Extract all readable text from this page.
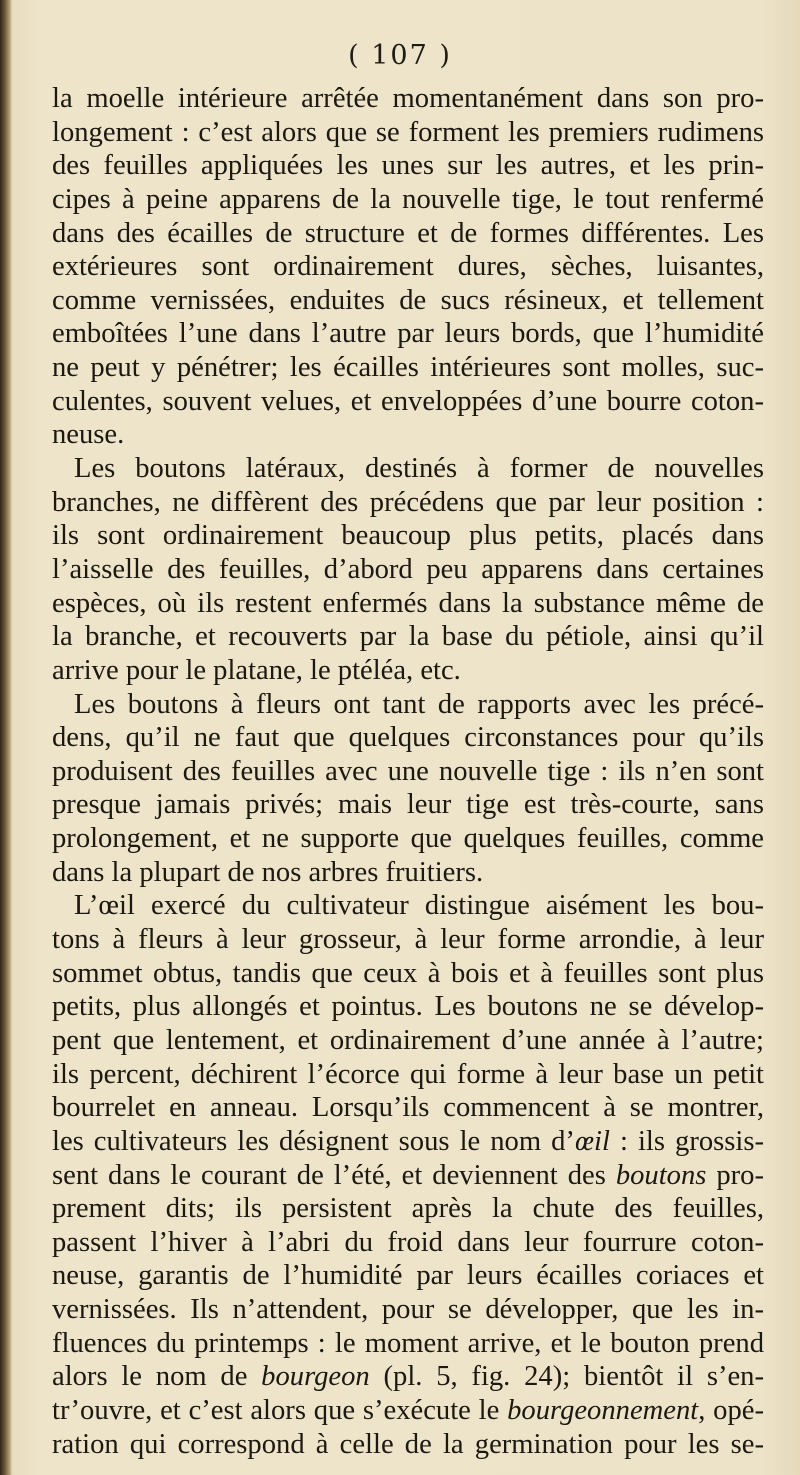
( 107 )
la moelle intérieure arrêtée momentanément dans son pro-
longement : c’est alors que se forment les premiers rudimens
des feuilles appliquées les unes sur les autres, et les prin-
cipes à peine apparens de la nouvelle tige, le tout renfermé
dans des écailles de structure et de formes différentes. Les
extérieures sont ordinairement dures, sèches, luisantes,
comme vernissées, enduites de sucs résineux, et tellement
emboîtées l’une dans l’autre par leurs bords, que l’humidité
ne peut y pénétrer; les écailles intérieures sont molles, suc-
culentes, souvent velues, et enveloppées d’une bourre coton-
neuse.
Les boutons latéraux, destinés à former de nouvelles
branches, ne diffèrent des précédens que par leur position :
ils sont ordinairement beaucoup plus petits, placés dans
l’aisselle des feuilles, d’abord peu apparens dans certaines
espèces, où ils restent enfermés dans la substance même de
la branche, et recouverts par la base du pétiole, ainsi qu’il
arrive pour le platane, le ptéléa, etc.
Les boutons à fleurs ont tant de rapports avec les précé-
dens, qu’il ne faut que quelques circonstances pour qu’ils
produisent des feuilles avec une nouvelle tige : ils n’en sont
presque jamais privés; mais leur tige est très-courte, sans
prolongement, et ne supporte que quelques feuilles, comme
dans la plupart de nos arbres fruitiers.
L’œil exercé du cultivateur distingue aisément les bou-
tons à fleurs à leur grosseur, à leur forme arrondie, à leur
sommet obtus, tandis que ceux à bois et à feuilles sont plus
petits, plus allongés et pointus. Les boutons ne se dévelop-
pent que lentement, et ordinairement d’une année à l’autre;
ils percent, déchirent l’écorce qui forme à leur base un petit
bourrelet en anneau. Lorsqu’ils commencent à se montrer,
les cultivateurs les désignent sous le nom d’œil : ils grossis-
sent dans le courant de l’été, et deviennent des boutons pro-
prement dits; ils persistent après la chute des feuilles,
passent l’hiver à l’abri du froid dans leur fourrure coton-
neuse, garantis de l’humidité par leurs écailles coriaces et
vernissées. Ils n’attendent, pour se développer, que les in-
fluences du printemps : le moment arrive, et le bouton prend
alors le nom de bourgeon (pl. 5, fig. 24); bientôt il s’en-
tr’ouvre, et c’est alors que s’exécute le bourgeonnement, opé-
ration qui correspond à celle de la germination pour les se-
